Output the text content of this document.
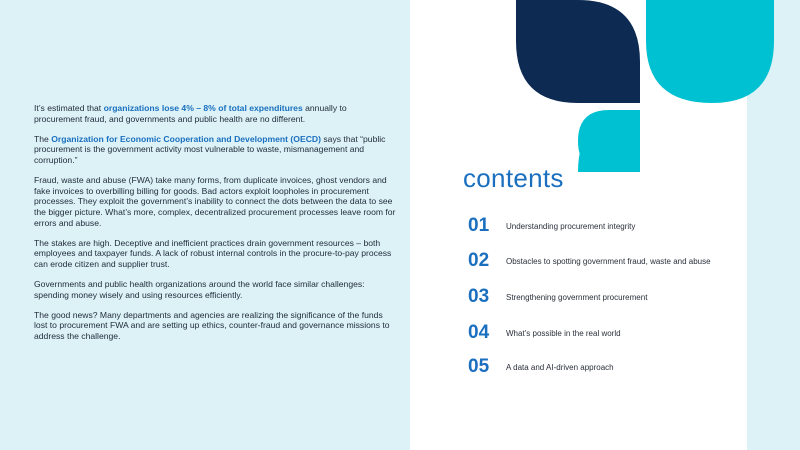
It’s estimated that organizations lose 4% – 8% of total expenditures annually to procurement fraud, and governments and public health are no different.

The Organization for Economic Cooperation and Development (OECD) says that “public procurement is the government activity most vulnerable to waste, mismanagement and corruption.”

Fraud, waste and abuse (FWA) take many forms, from duplicate invoices, ghost vendors and fake invoices to overbilling billing for goods. Bad actors exploit loopholes in procurement processes. They exploit the government’s inability to connect the dots between the data to see the bigger picture. What’s more, complex, decentralized procurement processes leave room for errors and abuse.

The stakes are high. Deceptive and inefficient practices drain government resources – both employees and taxpayer funds. A lack of robust internal controls in the procure-to-pay process can erode citizen and supplier trust.

Governments and public health organizations around the world face similar challenges: spending money wisely and using resources efficiently.

The good news? Many departments and agencies are realizing the significance of the funds lost to procurement FWA and are setting up ethics, counter-fraud and governance missions to address the challenge.

contents
01	Understanding procurement integrity
02	Obstacles to spotting government fraud, waste and abuse
03	Strengthening government procurement
04	What’s possible in the real world
05	A data and AI-driven approach
